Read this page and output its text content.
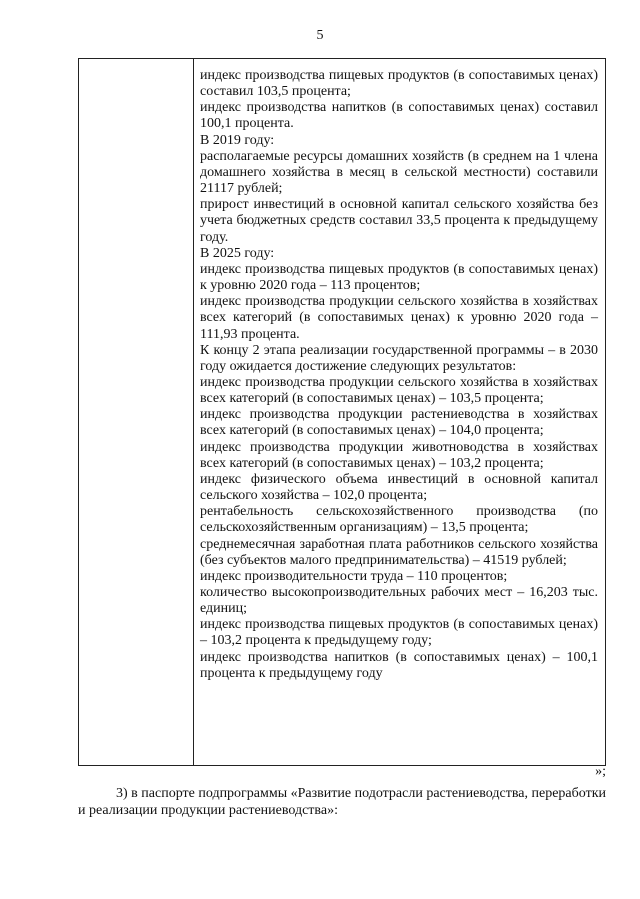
5

индекс производства пищевых продуктов (в сопоставимых ценах) составил 103,5 процента;

индекс производства напитков (в сопоставимых ценах) составил 100,1 процента.

В 2019 году:

располагаемые ресурсы домашних хозяйств (в среднем на 1 члена домашнего хозяйства в месяц в сельской местности) составили 21117 рублей;

прирост инвестиций в основной капитал сельского хозяйства без учета бюджетных средств составил 33,5 процента к предыдущему году.

В 2025 году:

индекс производства пищевых продуктов (в сопоставимых ценах) к уровню 2020 года – 113 процентов;

индекс производства продукции сельского хозяйства в хозяйствах всех категорий (в сопоставимых ценах) к уровню 2020 года – 111,93 процента.

К концу 2 этапа реализации государственной программы – в 2030 году ожидается достижение следующих результатов:

индекс производства продукции сельского хозяйства в хозяйствах всех категорий (в сопоставимых ценах) – 103,5 процента;

индекс производства продукции растениеводства в хозяйствах всех категорий (в сопоставимых ценах) – 104,0 процента;

индекс производства продукции животноводства в хозяйствах всех категорий (в сопоставимых ценах) – 103,2 процента;

индекс физического объема инвестиций в основной капитал сельского хозяйства – 102,0 процента;

рентабельность сельскохозяйственного производства (по сельскохозяйственным организациям) – 13,5 процента;

среднемесячная заработная плата работников сельского хозяйства (без субъектов малого предпринимательства) – 41519 рублей;

индекс производительности труда – 110 процентов;

количество высокопроизводительных рабочих мест – 16,203 тыс. единиц;

индекс производства пищевых продуктов (в сопоставимых ценах) – 103,2 процента к предыдущему году;

индекс производства напитков (в сопоставимых ценах) – 100,1 процента к предыдущему году

»;

3) в паспорте подпрограммы «Развитие подотрасли растениеводства, переработки и реализации продукции растениеводства»:
